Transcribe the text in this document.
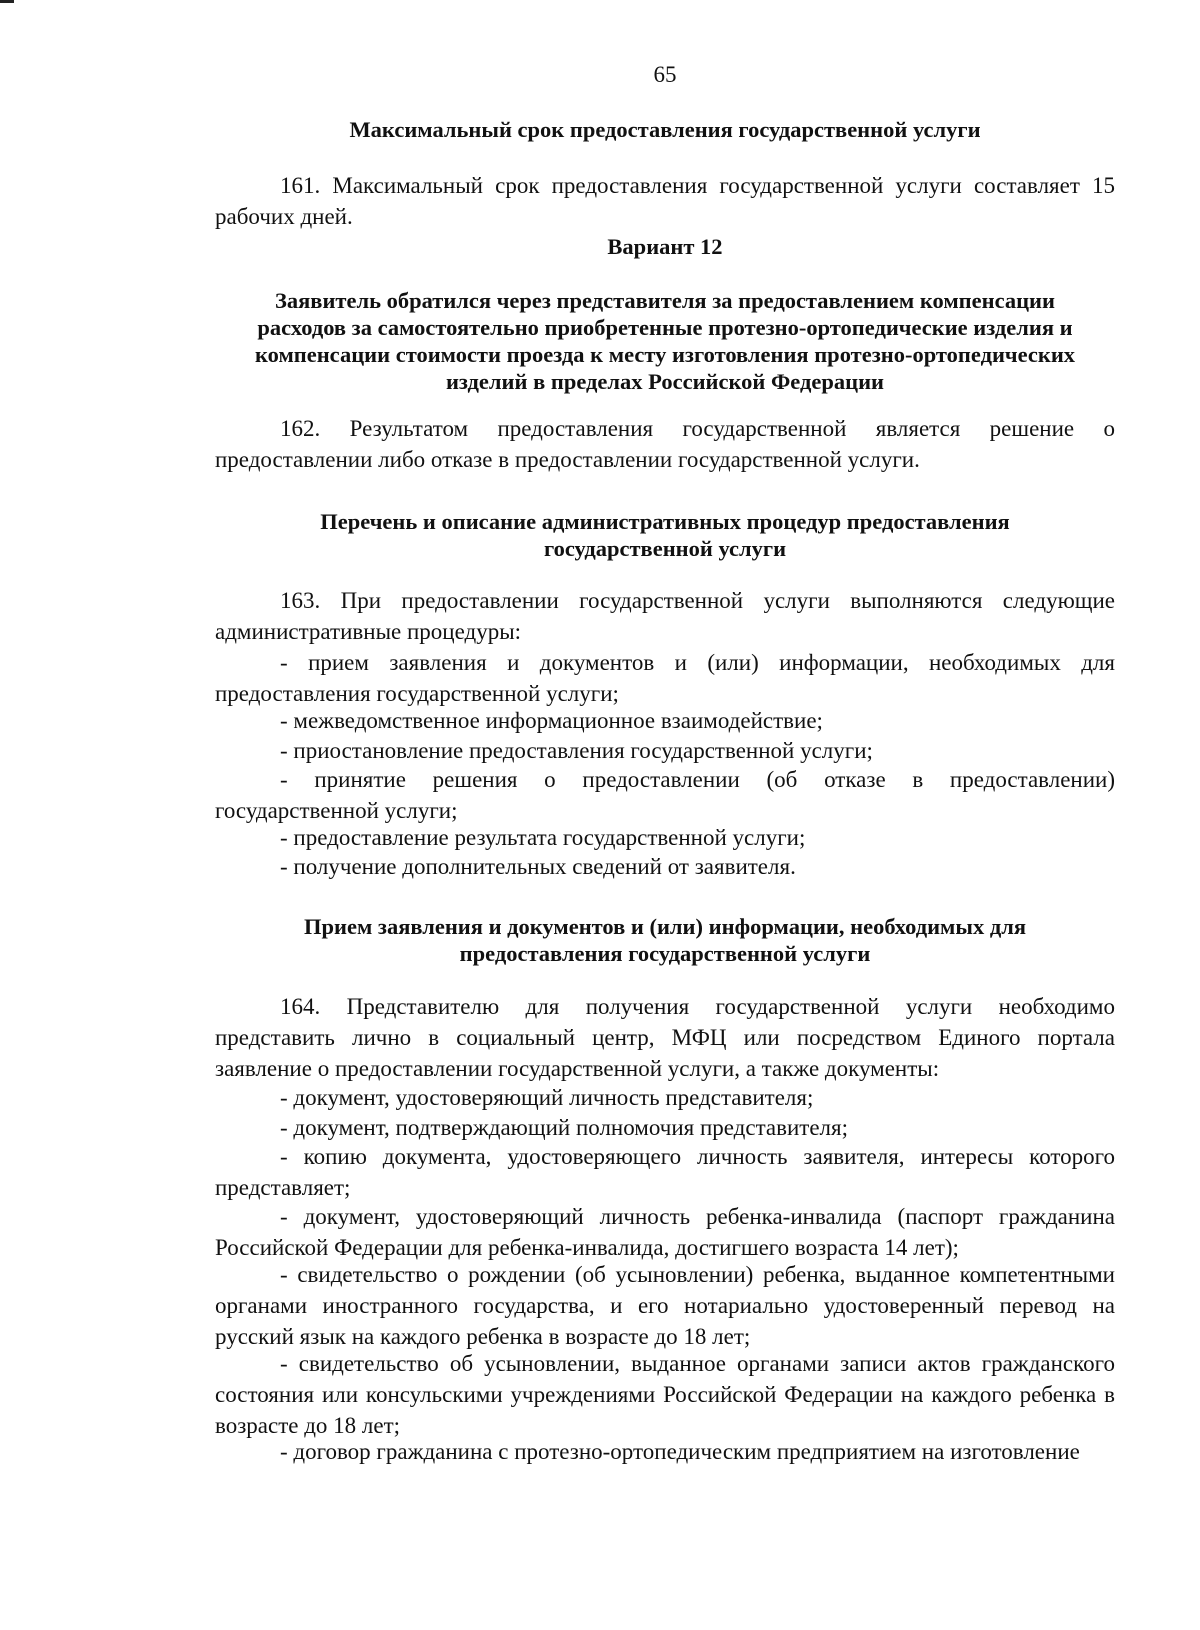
65
Максимальный срок предоставления государственной услуги
161. Максимальный срок предоставления государственной услуги составляет 15 рабочих дней.
Вариант 12
Заявитель обратился через представителя за предоставлением компенсации расходов за самостоятельно приобретенные протезно-ортопедические изделия и компенсации стоимости проезда к месту изготовления протезно-ортопедических изделий в пределах Российской Федерации
162. Результатом предоставления государственной является решение о предоставлении либо отказе в предоставлении государственной услуги.
Перечень и описание административных процедур предоставления государственной услуги
163. При предоставлении государственной услуги выполняются следующие административные процедуры:
- прием заявления и документов и (или) информации, необходимых для предоставления государственной услуги;
- межведомственное информационное взаимодействие;
- приостановление предоставления государственной услуги;
- принятие решения о предоставлении (об отказе в предоставлении) государственной услуги;
- предоставление результата государственной услуги;
- получение дополнительных сведений от заявителя.
Прием заявления и документов и (или) информации, необходимых для предоставления государственной услуги
164. Представителю для получения государственной услуги необходимо представить лично в социальный центр, МФЦ или посредством Единого портала заявление о предоставлении государственной услуги, а также документы:
- документ, удостоверяющий личность представителя;
- документ, подтверждающий полномочия представителя;
- копию документа, удостоверяющего личность заявителя, интересы которого представляет;
- документ, удостоверяющий личность ребенка-инвалида (паспорт гражданина Российской Федерации для ребенка-инвалида, достигшего возраста 14 лет);
- свидетельство о рождении (об усыновлении) ребенка, выданное компетентными органами иностранного государства, и его нотариально удостоверенный перевод на русский язык на каждого ребенка в возрасте до 18 лет;
- свидетельство об усыновлении, выданное органами записи актов гражданского состояния или консульскими учреждениями Российской Федерации на каждого ребенка в возрасте до 18 лет;
- договор гражданина с протезно-ортопедическим предприятием на изготовление
